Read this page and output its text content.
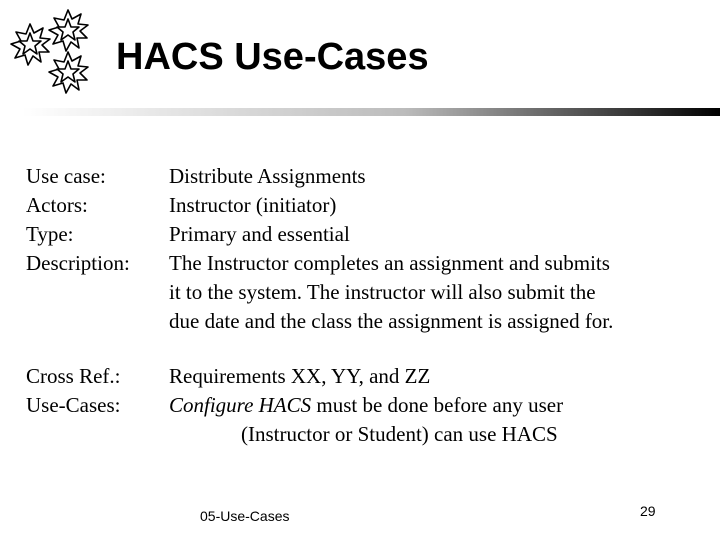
HACS Use-Cases
Use case:	Distribute Assignments
Actors:	Instructor (initiator)
Type:	Primary and essential
Description:	The Instructor completes an assignment and submits
it to the system. The instructor will also submit the
due date and the class the assignment is assigned for.
Cross Ref.:	Requirements XX, YY, and ZZ
Use-Cases:	Configure HACS must be done before any user
(Instructor or Student) can use HACS
05-Use-Cases	29
